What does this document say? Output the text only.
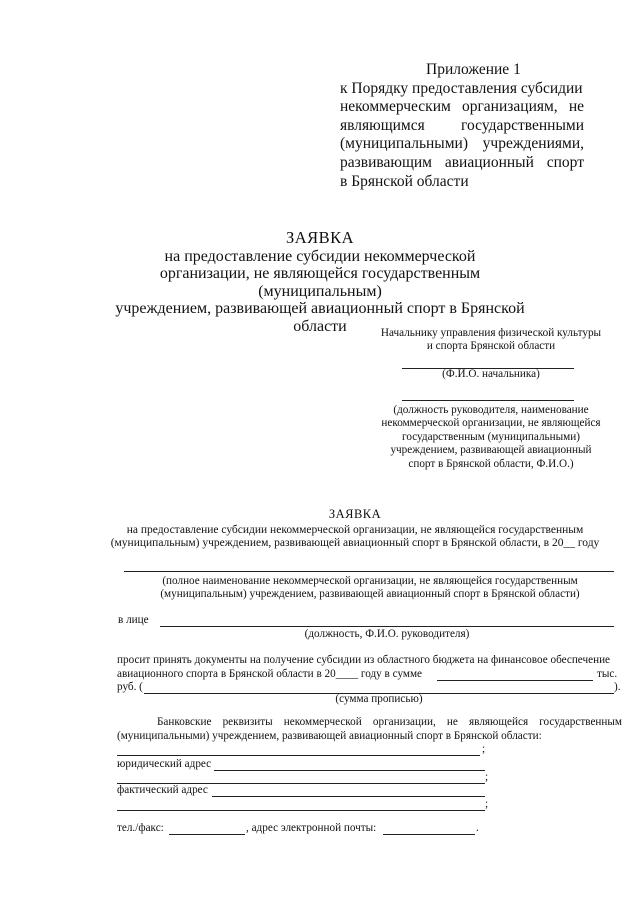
Приложение 1
к Порядку предоставления субсидии
некоммерческим организациям, не
являющимся государственными
(муниципальными) учреждениями,
развивающим авиационный спорт
в Брянской области
ЗАЯВКА
на предоставление субсидии некоммерческой
организации, не являющейся государственным (муниципальным)
учреждением, развивающей авиационный спорт в Брянской области	Начальнику управления физической культуры
и спорта Брянской области
(Ф.И.О. начальника)
(должность руководителя, наименование
некоммерческой организации, не являющейся
государственным (муниципальными)
учреждением, развивающей авиационный
спорт в Брянской области, Ф.И.О.)
ЗАЯВКА
на предоставление субсидии некоммерческой организации, не являющейся государственным
(муниципальным) учреждением, развивающей авиационный спорт в Брянской области, в 20__ году
(полное наименование некоммерческой организации, не являющейся государственным
(муниципальным) учреждением, развивающей авиационный спорт в Брянской области)
в лице
(должность, Ф.И.О. руководителя)
просит принять документы на получение субсидии из областного бюджета на финансовое обеспечение
авиационного спорта в Брянской области в 20____ году в сумме	тыс.
руб. (	).
(сумма прописью)
Банковские реквизиты некоммерческой организации, не являющейся государственным
(муниципальными) учреждением, развивающей авиационный спорт в Брянской области:
;
юридический адрес
;
фактический адрес
;
тел./факс:	, адрес электронной почты:	.
